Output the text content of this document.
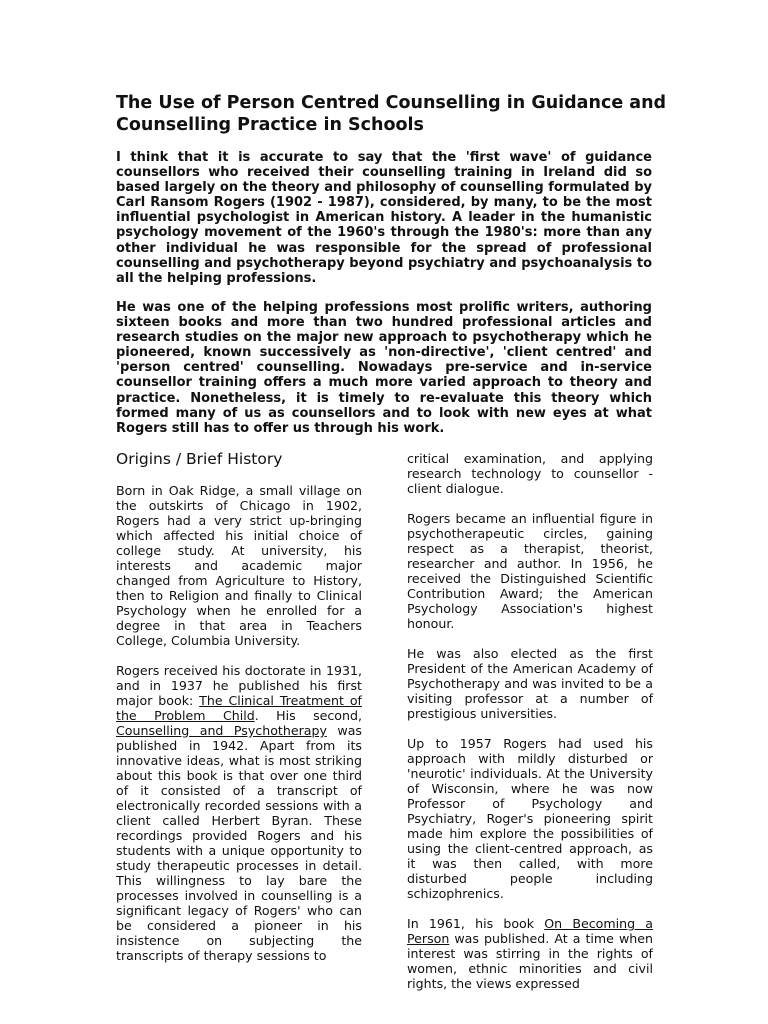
The Use of Person Centred Counselling in Guidance and Counselling Practice in Schools

I think that it is accurate to say that the 'first wave' of guidance counsellors who received their counselling training in Ireland did so based largely on the theory and philosophy of counselling formulated by Carl Ransom Rogers (1902 - 1987), considered, by many, to be the most influential psychologist in American history. A leader in the humanistic psychology movement of the 1960's through the 1980's: more than any other individual he was responsible for the spread of professional counselling and psychotherapy beyond psychiatry and psychoanalysis to all the helping professions.

He was one of the helping professions most prolific writers, authoring sixteen books and more than two hundred professional articles and research studies on the major new approach to psychotherapy which he pioneered, known successively as 'non-directive', 'client centred' and 'person centred' counselling. Nowadays pre-service and in-service counsellor training offers a much more varied approach to theory and practice. Nonetheless, it is timely to re-evaluate this theory which formed many of us as counsellors and to look with new eyes at what Rogers still has to offer us through his work.

Origins / Brief History

Born in Oak Ridge, a small village on the outskirts of Chicago in 1902, Rogers had a very strict up-bringing which affected his initial choice of college study. At university, his interests and academic major changed from Agriculture to History, then to Religion and finally to Clinical Psychology when he enrolled for a degree in that area in Teachers College, Columbia University.

Rogers received his doctorate in 1931, and in 1937 he published his first major book: The Clinical Treatment of the Problem Child. His second, Counselling and Psychotherapy was published in 1942. Apart from its innovative ideas, what is most striking about this book is that over one third of it consisted of a transcript of electronically recorded sessions with a client called Herbert Byran. These recordings provided Rogers and his students with a unique opportunity to study therapeutic processes in detail. This willingness to lay bare the processes involved in counselling is a significant legacy of Rogers' who can be considered a pioneer in his insistence on subjecting the transcripts of therapy sessions to

critical examination, and applying research technology to counsellor - client dialogue.

Rogers became an influential figure in psychotherapeutic circles, gaining respect as a therapist, theorist, researcher and author. In 1956, he received the Distinguished Scientific Contribution Award; the American Psychology Association's highest honour.

He was also elected as the first President of the American Academy of Psychotherapy and was invited to be a visiting professor at a number of prestigious universities.

Up to 1957 Rogers had used his approach with mildly disturbed or 'neurotic' individuals. At the University of Wisconsin, where he was now Professor of Psychology and Psychiatry, Roger's pioneering spirit made him explore the possibilities of using the client-centred approach, as it was then called, with more disturbed people including schizophrenics.

In 1961, his book On Becoming a Person was published. At a time when interest was stirring in the rights of women, ethnic minorities and civil rights, the views expressed
